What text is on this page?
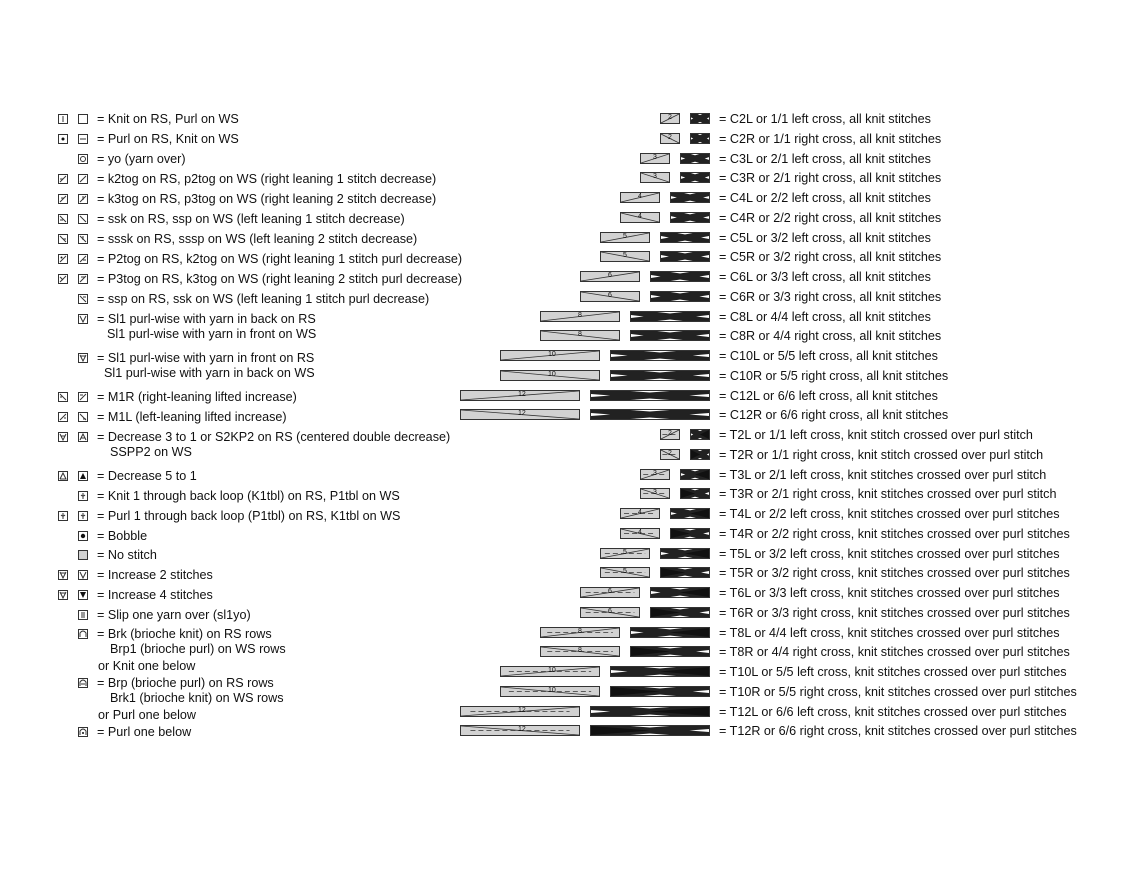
= Knit on RS, Purl on WS
= Purl on RS, Knit on WS
= yo (yarn over)
= k2tog on RS, p2tog on WS (right leaning 1 stitch decrease)
= k3tog on RS, p3tog on WS (right leaning 2 stitch decrease)
= ssk on RS, ssp on WS (left leaning 1 stitch decrease)
= sssk on RS, sssp on WS (left leaning 2 stitch decrease)
= P2tog on RS, k2tog on WS (right leaning 1 stitch purl decrease)
= P3tog on RS, k3tog on WS (right leaning 2 stitch purl decrease)
= ssp on RS, ssk on WS (left leaning 1 stitch purl decrease)
= Sl1 purl-wise with yarn in back on RS
Sl1 purl-wise with yarn in front on WS
= Sl1 purl-wise with yarn in front on RS
Sl1 purl-wise with yarn in back on WS
= M1R (right-leaning lifted increase)
= M1L (left-leaning lifted increase)
= Decrease 3 to 1 or S2KP2 on RS (centered double decrease)
SSPP2 on WS
= Decrease 5 to 1
= Knit 1 through back loop (K1tbl) on RS, P1tbl on WS
= Purl 1 through back loop (P1tbl) on RS, K1tbl on WS
= Bobble
= No stitch
= Increase 2 stitches
= Increase 4 stitches
= Slip one yarn over (sl1yo)
= Brk (brioche knit) on RS rows
Brp1 (brioche purl) on WS rows
or Knit one below
= Brp (brioche purl) on RS rows
Brk1 (brioche knit) on WS rows
or Purl one below
= Purl one below
2	= C2L or 1/1 left cross, all knit stitches
2	= C2R or 1/1 right cross, all knit stitches
3	= C3L or 2/1 left cross, all knit stitches
3	= C3R or 2/1 right cross, all knit stitches
4	= C4L or 2/2 left cross, all knit stitches
4	= C4R or 2/2 right cross, all knit stitches
5	= C5L or 3/2 left cross, all knit stitches
5	= C5R or 3/2 right cross, all knit stitches
6	= C6L or 3/3 left cross, all knit stitches
6	= C6R or 3/3 right cross, all knit stitches
8	= C8L or 4/4 left cross, all knit stitches
8	= C8R or 4/4 right cross, all knit stitches
10	= C10L or 5/5 left cross, all knit stitches
10	= C10R or 5/5 right cross, all knit stitches
12	= C12L or 6/6 left cross, all knit stitches
12	= C12R or 6/6 right cross, all knit stitches
2	= T2L or 1/1 left cross, knit stitch crossed over purl stitch
2	= T2R or 1/1 right cross, knit stitch crossed over purl stitch
3	= T3L or 2/1 left cross, knit stitches crossed over purl stitch
3	= T3R or 2/1 right cross, knit stitches crossed over purl stitch
4	= T4L or 2/2 left cross, knit stitches crossed over purl stitches
4	= T4R or 2/2 right cross, knit stitches crossed over purl stitches
5	= T5L or 3/2 left cross, knit stitches crossed over purl stitches
5	= T5R or 3/2 right cross, knit stitches crossed over purl stitches
6	= T6L or 3/3 left cross, knit stitches crossed over purl stitches
6	= T6R or 3/3 right cross, knit stitches crossed over purl stitches
8	= T8L or 4/4 left cross, knit stitches crossed over purl stitches
8	= T8R or 4/4 right cross, knit stitches crossed over purl stitches
10	= T10L or 5/5 left cross, knit stitches crossed over purl stitches
10	= T10R or 5/5 right cross, knit stitches crossed over purl stitches
12	= T12L or 6/6 left cross, knit stitches crossed over purl stitches
12	= T12R or 6/6 right cross, knit stitches crossed over purl stitches
